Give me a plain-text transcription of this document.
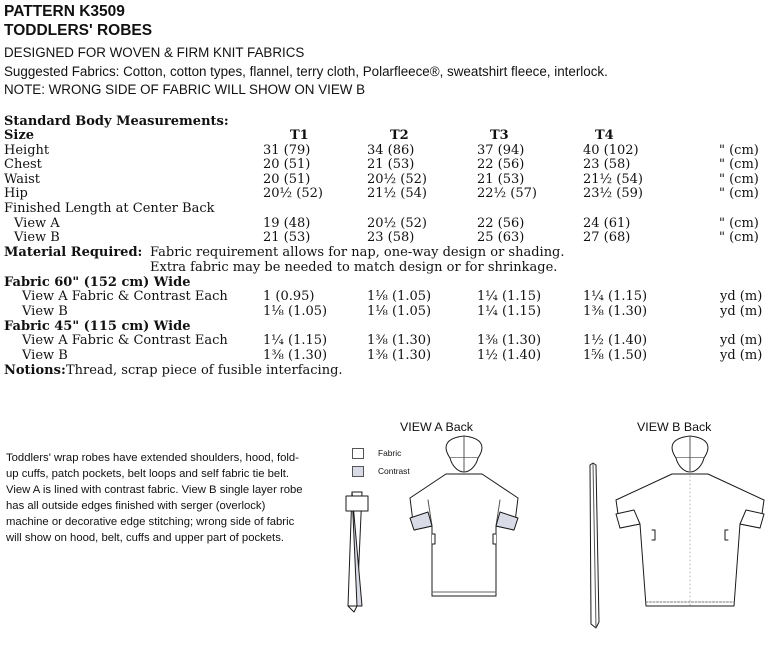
PATTERN K3509
TODDLERS' ROBES
DESIGNED FOR WOVEN & FIRM KNIT FABRICS
Suggested Fabrics: Cotton, cotton types, flannel, terry cloth, Polarfleece®, sweatshirt fleece, interlock.
NOTE: WRONG SIDE OF FABRIC WILL SHOW ON VIEW B
Standard Body Measurements:
Size	T1	T2	T3	T4
Height	31 (79)	34 (86)	37 (94)	40 (102)	" (cm)
Chest	20 (51)	21 (53)	22 (56)	23 (58)	" (cm)
Waist	20 (51)	20½ (52)	21 (53)	21½ (54)	" (cm)
Hip	20½ (52)	21½ (54)	22½ (57)	23½ (59)	" (cm)
Finished Length at Center Back
View A	19 (48)	20½ (52)	22 (56)	24 (61)	" (cm)
View B	21 (53)	23 (58)	25 (63)	27 (68)	" (cm)
Material Required: Fabric requirement allows for nap, one-way design or shading.
Extra fabric may be needed to match design or for shrinkage.
Fabric 60" (152 cm) Wide
View A Fabric & Contrast Each	1 (0.95)	1⅛ (1.05)	1¼ (1.15)	1¼ (1.15)	yd (m)
View B	1⅛ (1.05)	1⅛ (1.05)	1¼ (1.15)	1⅜ (1.30)	yd (m)
Fabric 45" (115 cm) Wide
View A Fabric & Contrast Each	1¼ (1.15)	1⅜ (1.30)	1⅜ (1.30)	1½ (1.40)	yd (m)
View B	1⅜ (1.30)	1⅜ (1.30)	1½ (1.40)	1⅝ (1.50)	yd (m)
Notions: Thread, scrap piece of fusible interfacing.
Toddlers' wrap robes have extended shoulders, hood, fold-up cuffs, patch pockets, belt loops and self fabric tie belt. View A is lined with contrast fabric. View B single layer robe has all outside edges finished with serger (overlock) machine or decorative edge stitching; wrong side of fabric will show on hood, belt, cuffs and upper part of pockets.
Fabric
Contrast
VIEW A Back	VIEW B Back
